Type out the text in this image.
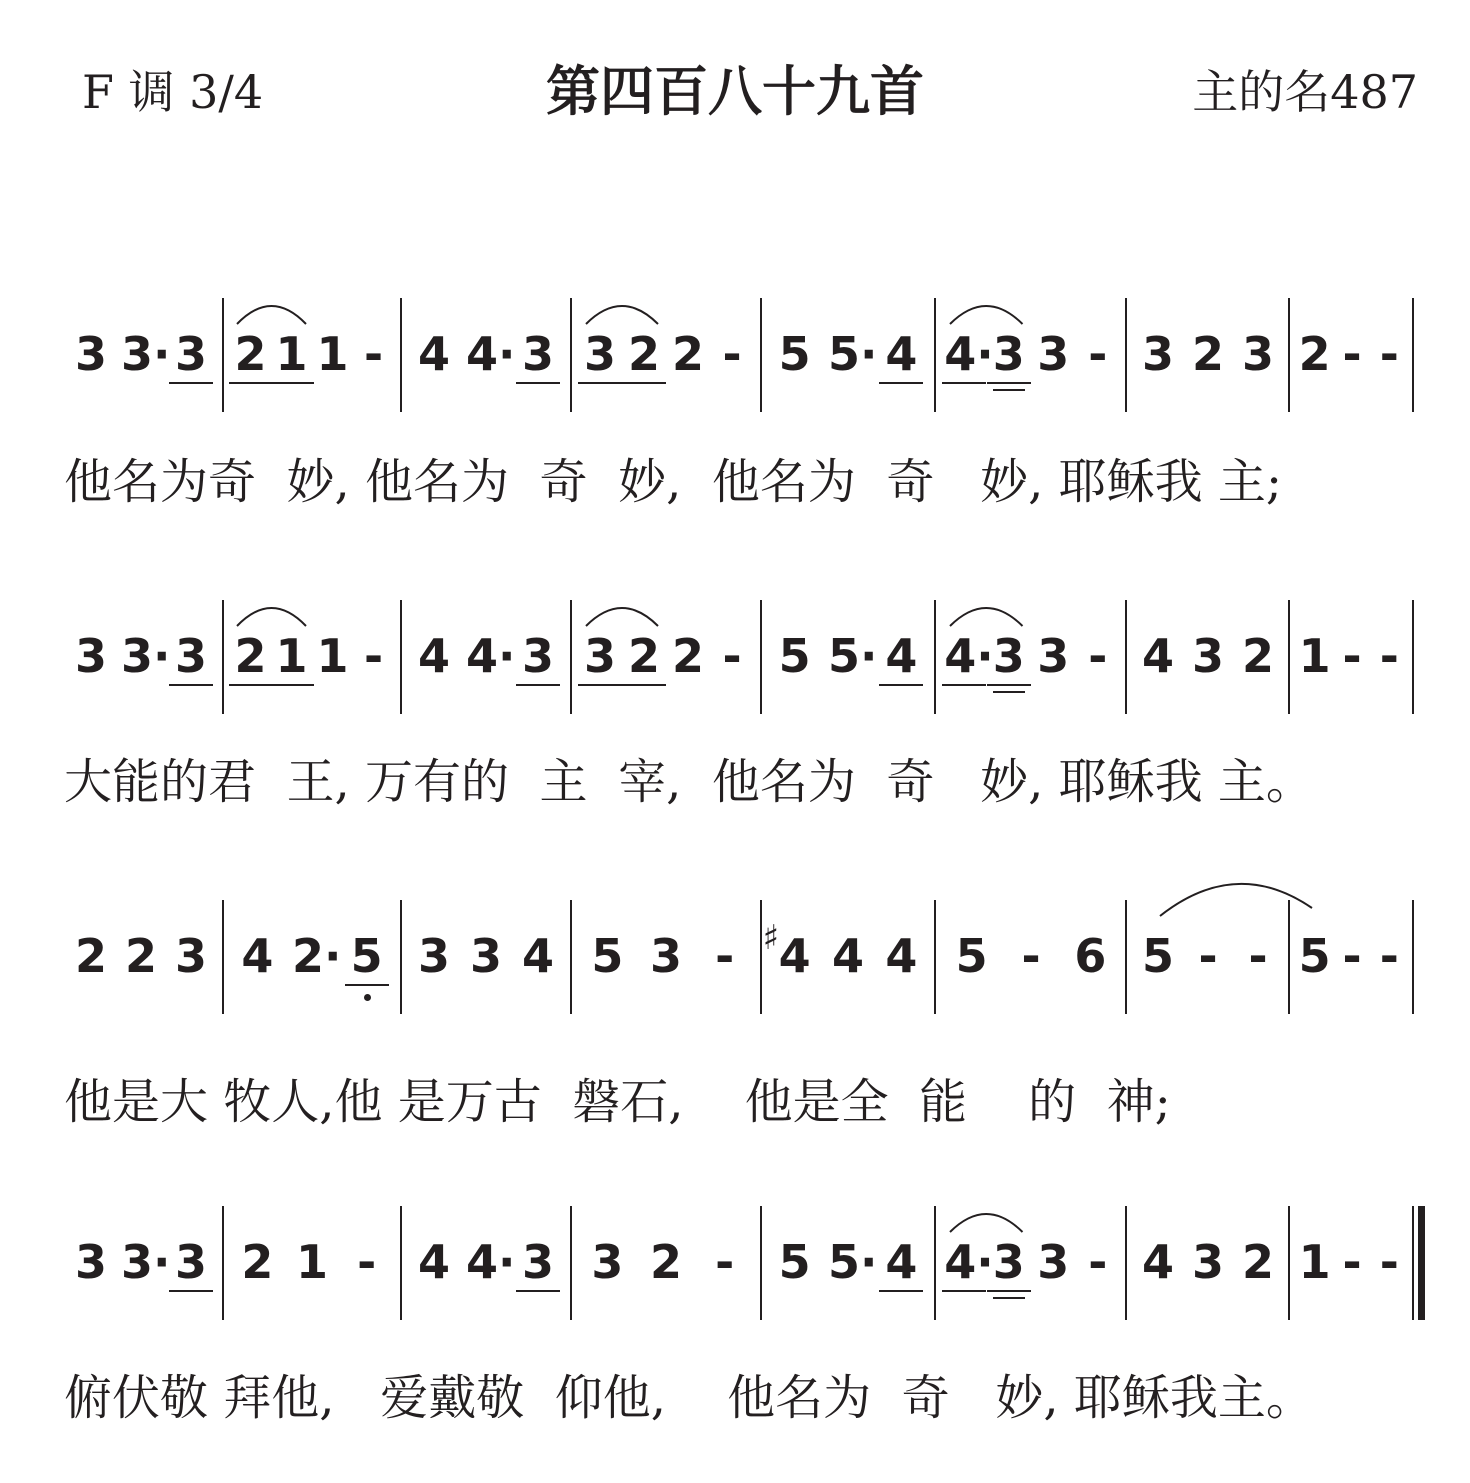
F 调 3/4	第四百八十九首	主的名487
3 3· 3 2 1 1 - 4 4· 3 3 2 2 - 5 5· 4 4· 3 3 - 3 2 3 2 - -
他名为奇  妙, 他名为  奇  妙,  他名为  奇   妙, 耶稣我 主;
3 3· 3 2 1 1 - 4 4· 3 3 2 2 - 5 5· 4 4· 3 3 - 4 3 2 1 - -
大能的君  王, 万有的  主  宰,  他名为  奇   妙, 耶稣我 主。
2 2 3 4 2· 5 3 3 4 5 3 - 4
♯ 4 4 5 - 6 5 - - 5 - -
他是大 牧人,他 是万古  磐石,    他是全  能    的  神;
3 3· 3 2 1 - 4 4· 3 3 2 - 5 5· 4 4· 3 3 - 4 3 2 1 - -
俯伏敬 拜他,   爱戴敬  仰他,    他名为  奇   妙, 耶稣我主。
